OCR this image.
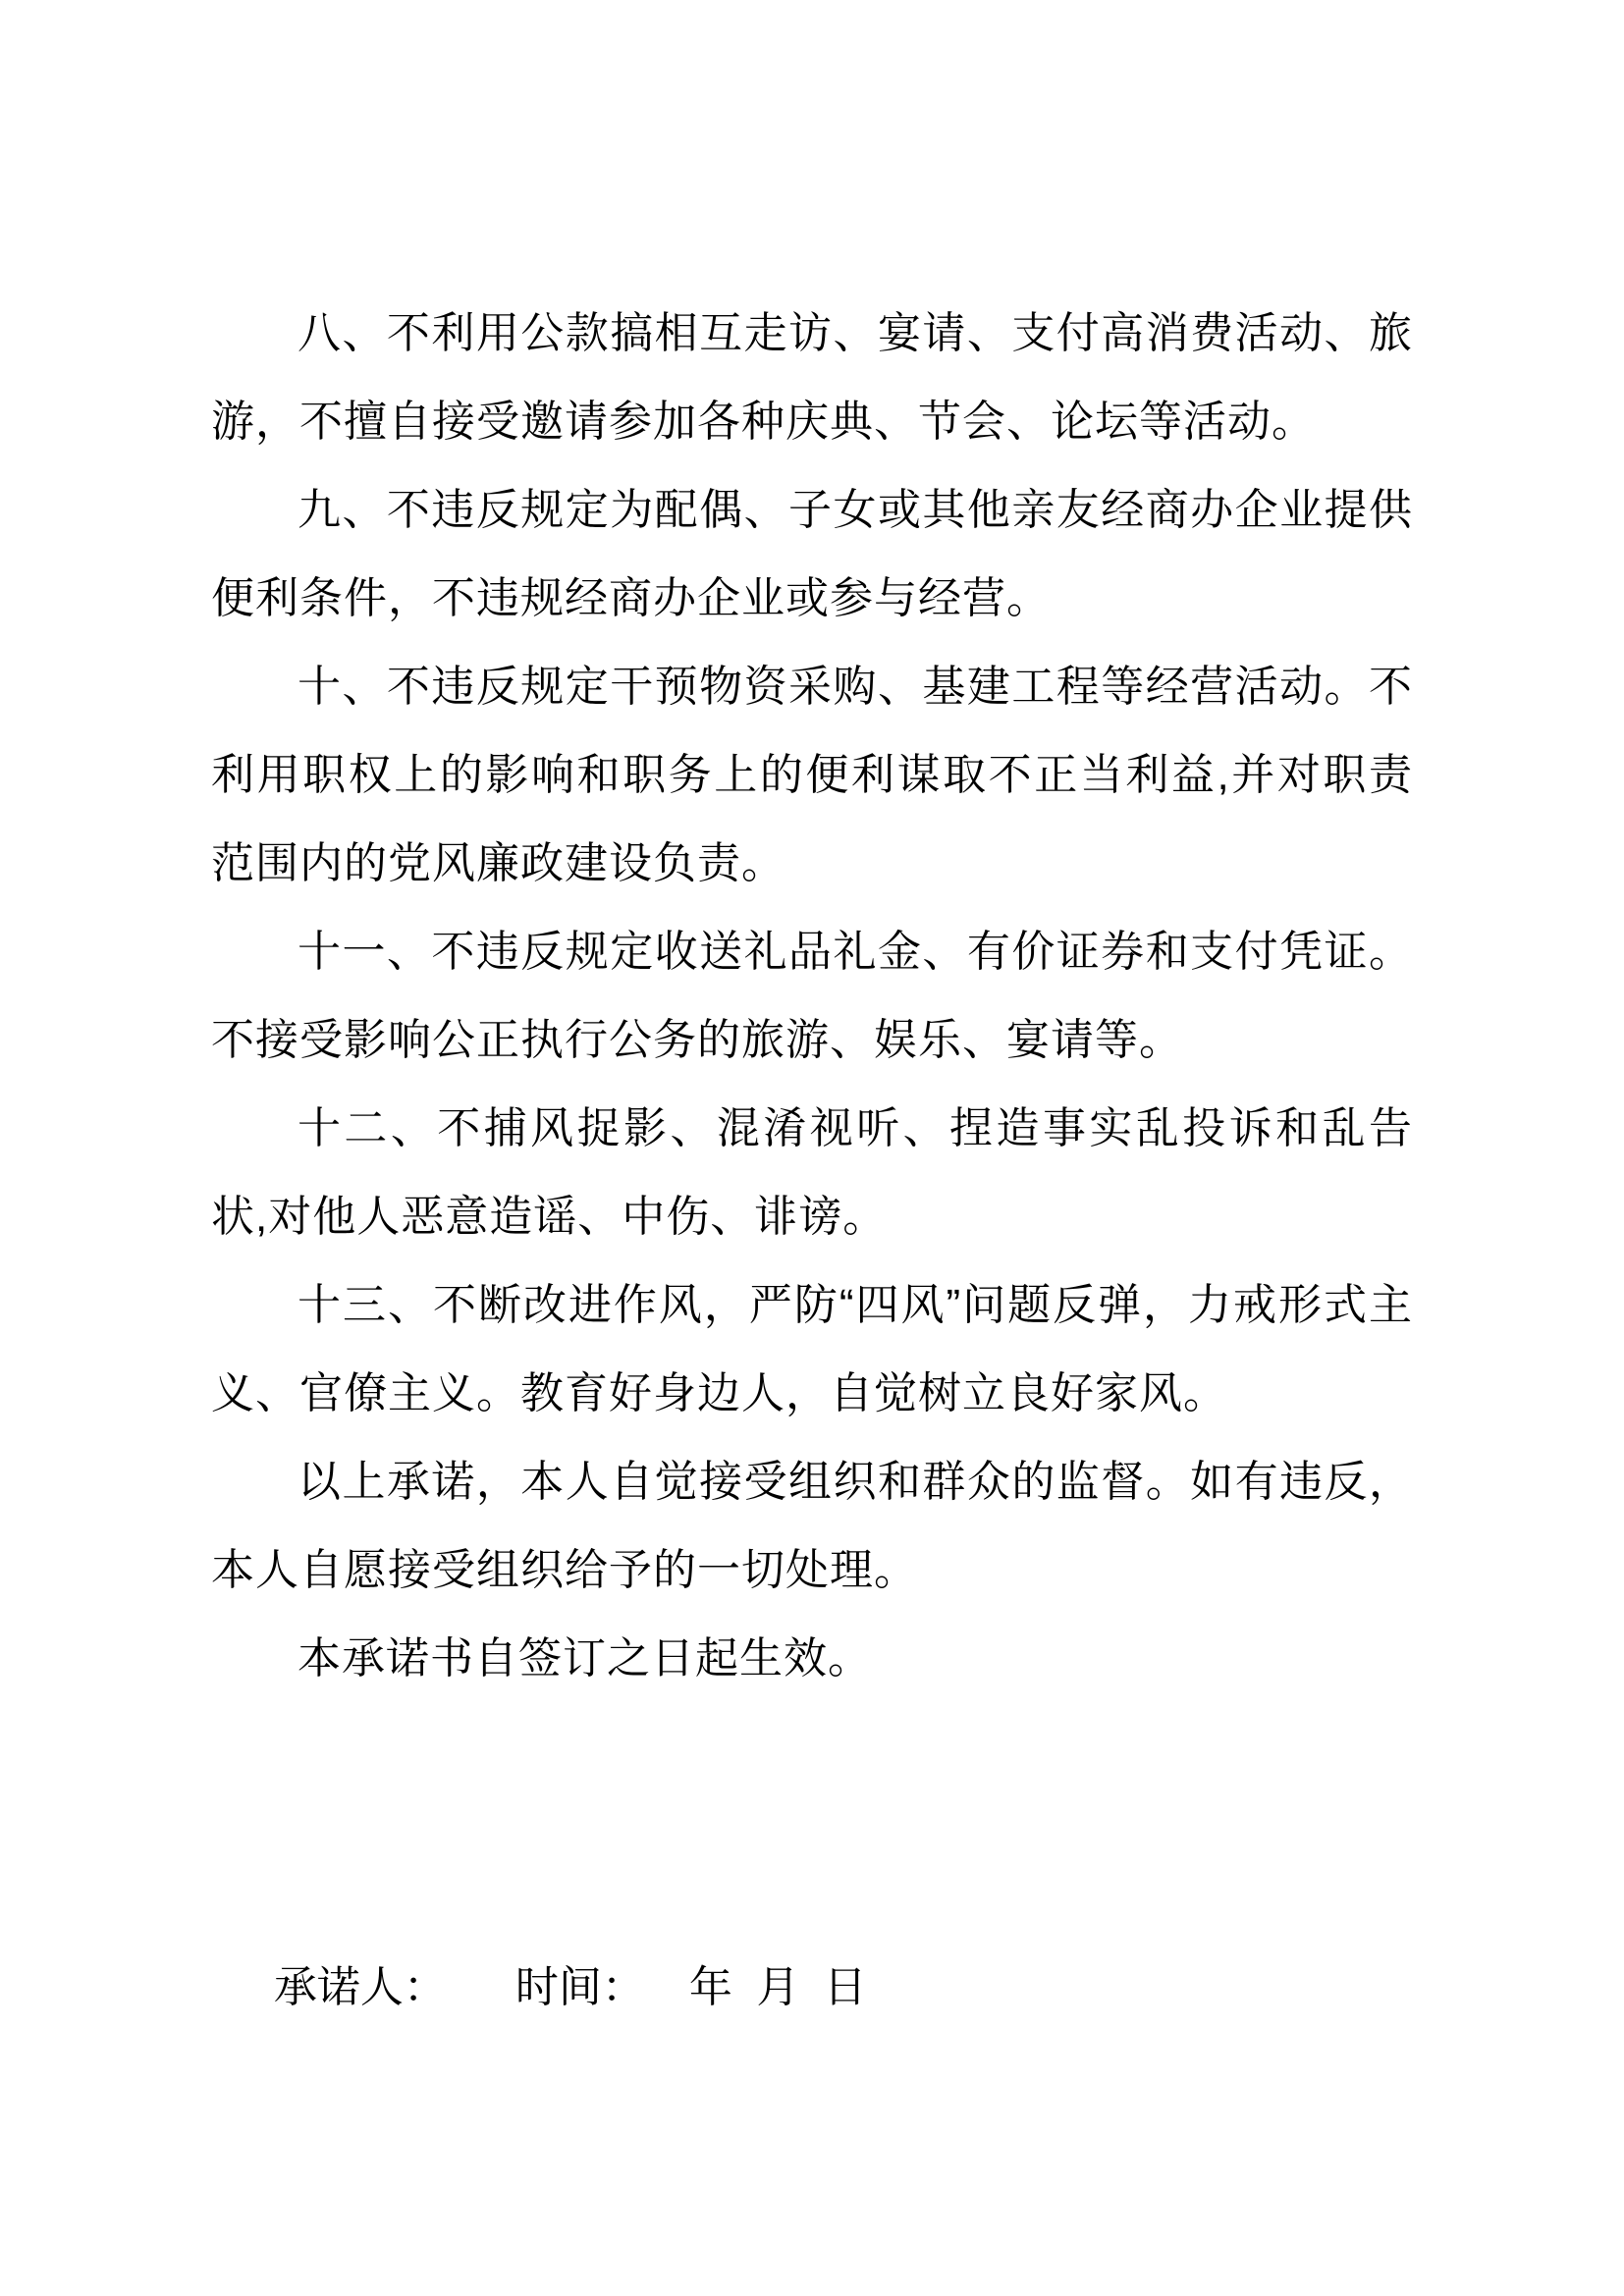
八、不利用公款搞相互走访、宴请、支付高消费活动、旅游，不擅自接受邀请参加各种庆典、节会、论坛等活动。

九、不违反规定为配偶、子女或其他亲友经商办企业提供便利条件，不违规经商办企业或参与经营。

十、不违反规定干预物资采购、基建工程等经营活动。不利用职权上的影响和职务上的便利谋取不正当利益,并对职责范围内的党风廉政建设负责。

十一、不违反规定收送礼品礼金、有价证券和支付凭证。不接受影响公正执行公务的旅游、娱乐、宴请等。

十二、不捕风捉影、混淆视听、捏造事实乱投诉和乱告状,对他人恶意造谣、中伤、诽谤。

十三、不断改进作风，严防“四风”问题反弹，力戒形式主义、官僚主义。教育好身边人，自觉树立良好家风。

以上承诺，本人自觉接受组织和群众的监督。如有违反，本人自愿接受组织给予的一切处理。

本承诺书自签订之日起生效。

承诺人： 时间： 年  月  日
